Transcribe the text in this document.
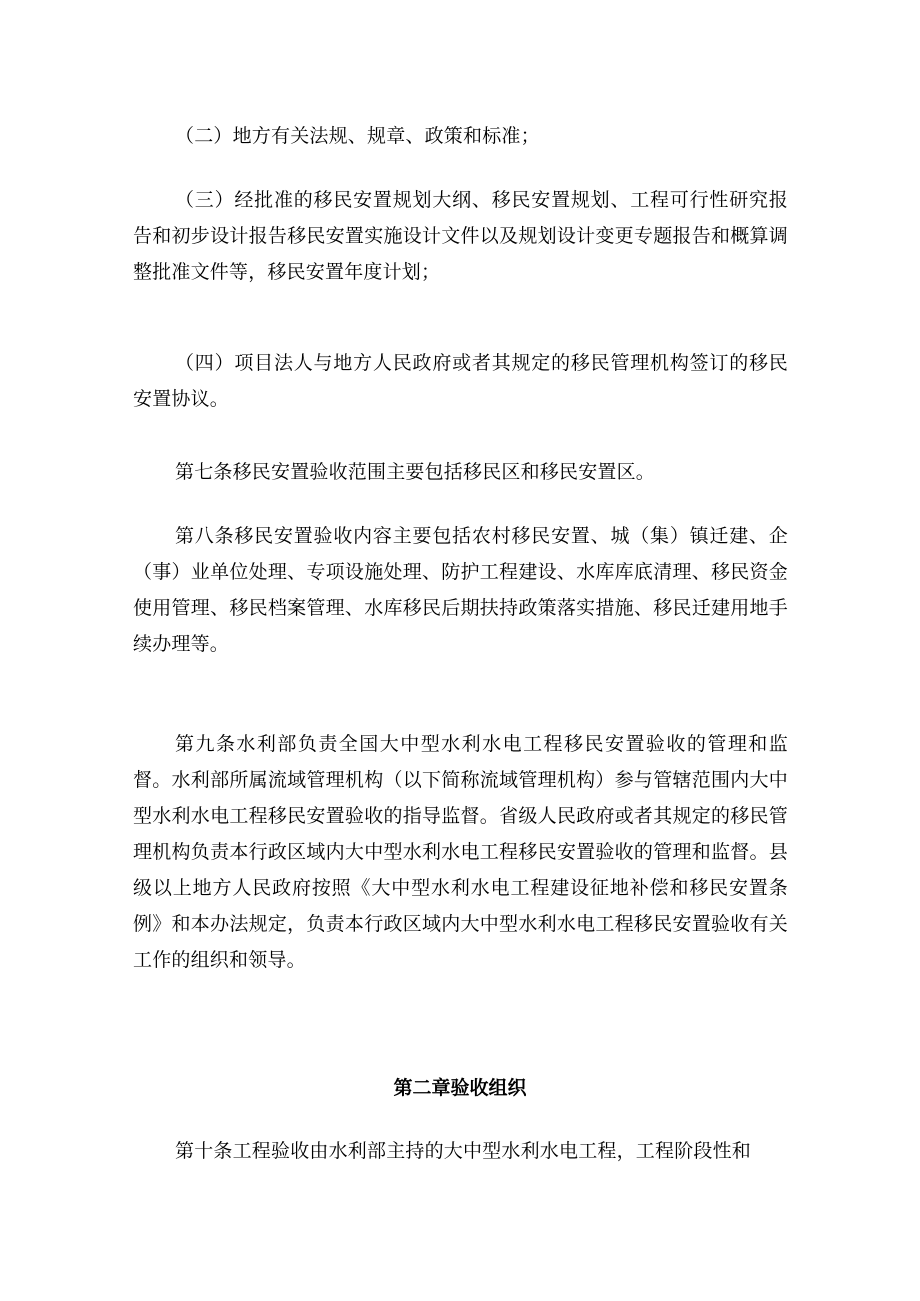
（二）地方有关法规、规章、政策和标准；

（三）经批准的移民安置规划大纲、移民安置规划、工程可行性研究报告和初步设计报告移民安置实施设计文件以及规划设计变更专题报告和概算调整批准文件等，移民安置年度计划；

（四）项目法人与地方人民政府或者其规定的移民管理机构签订的移民安置协议。

第七条移民安置验收范围主要包括移民区和移民安置区。

第八条移民安置验收内容主要包括农村移民安置、城（集）镇迁建、企（事）业单位处理、专项设施处理、防护工程建设、水库库底清理、移民资金使用管理、移民档案管理、水库移民后期扶持政策落实措施、移民迁建用地手续办理等。

第九条水利部负责全国大中型水利水电工程移民安置验收的管理和监督。水利部所属流域管理机构（以下简称流域管理机构）参与管辖范围内大中型水利水电工程移民安置验收的指导监督。省级人民政府或者其规定的移民管理机构负责本行政区域内大中型水利水电工程移民安置验收的管理和监督。县级以上地方人民政府按照《大中型水利水电工程建设征地补偿和移民安置条例》和本办法规定，负责本行政区域内大中型水利水电工程移民安置验收有关工作的组织和领导。

第二章验收组织

第十条工程验收由水利部主持的大中型水利水电工程，工程阶段性和
